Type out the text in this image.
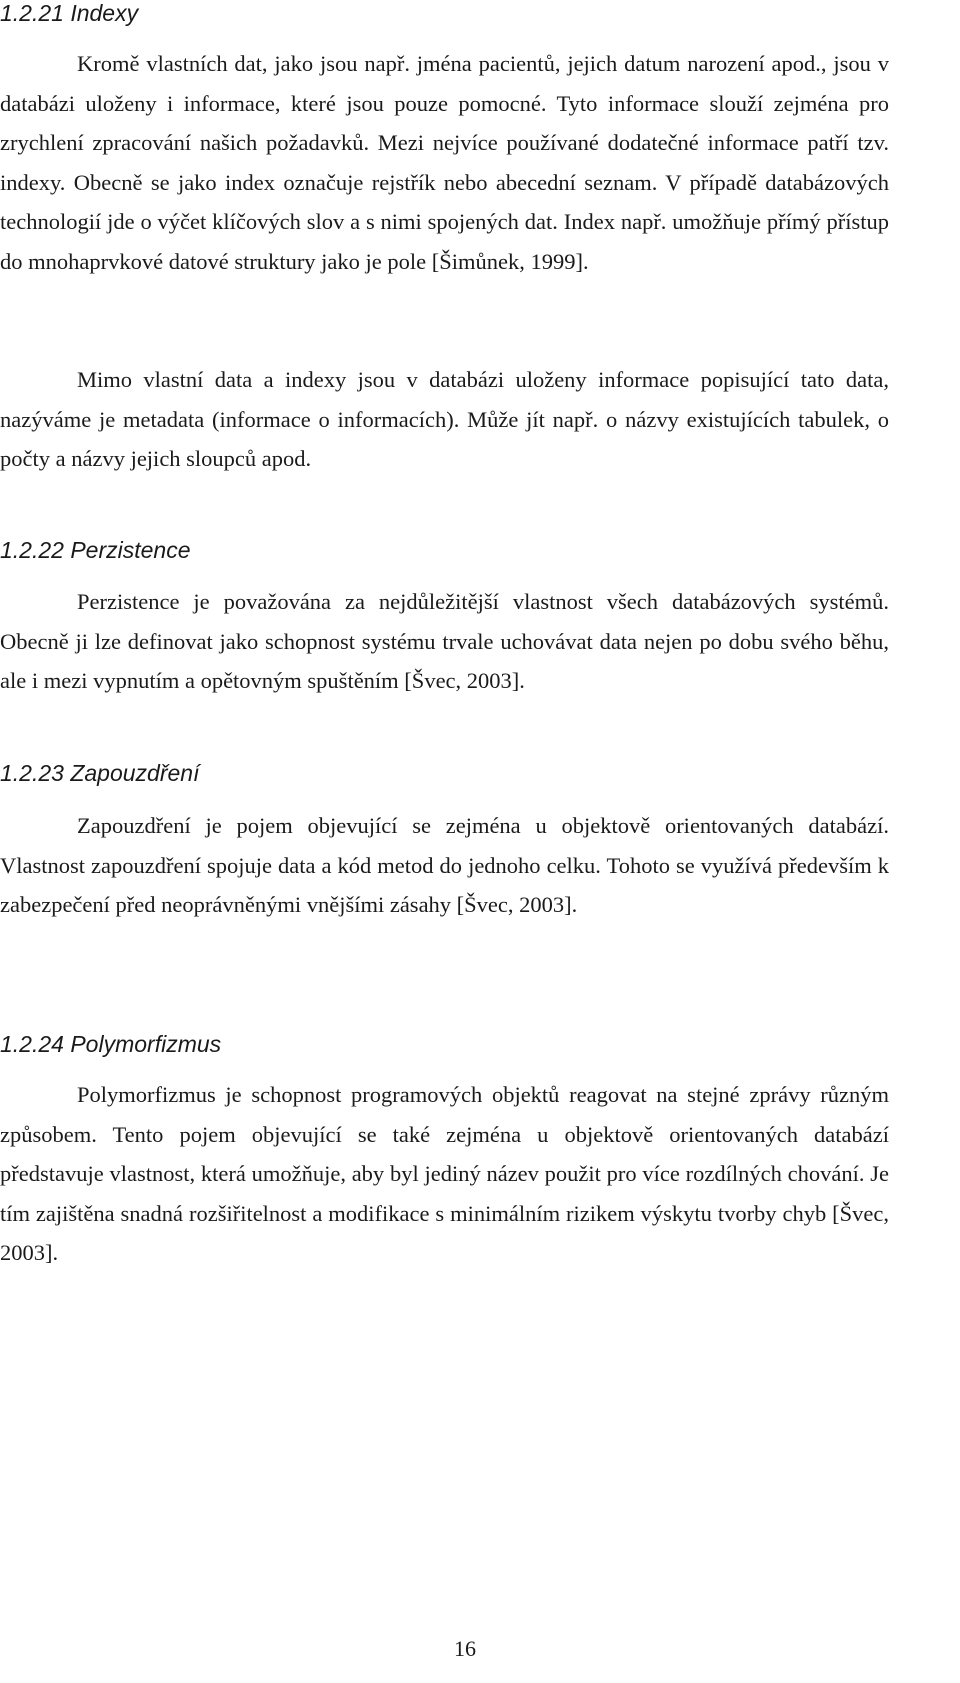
1.2.21 Indexy

Kromě vlastních dat, jako jsou např. jména pacientů, jejich datum narození apod., jsou v databázi uloženy i informace, které jsou pouze pomocné. Tyto informace slouží zejména pro zrychlení zpracování našich požadavků. Mezi nejvíce používané dodatečné informace patří tzv. indexy. Obecně se jako index označuje rejstřík nebo abecední seznam. V případě databázových technologií jde o výčet klíčových slov a s nimi spojených dat. Index např. umožňuje přímý přístup do mnohaprvkové datové struktury jako je pole [Šimůnek, 1999].

Mimo vlastní data a indexy jsou v databázi uloženy informace popisující tato data, nazýváme je metadata (informace o informacích). Může jít např. o názvy existujících tabulek, o počty a názvy jejich sloupců apod.

1.2.22 Perzistence

Perzistence je považována za nejdůležitější vlastnost všech databázových systémů. Obecně ji lze definovat jako schopnost systému trvale uchovávat data nejen po dobu svého běhu, ale i mezi vypnutím a opětovným spuštěním [Švec, 2003].

1.2.23 Zapouzdření

Zapouzdření je pojem objevující se zejména u objektově orientovaných databází. Vlastnost zapouzdření spojuje data a kód metod do jednoho celku. Tohoto se využívá především k zabezpečení před neoprávněnými vnějšími zásahy [Švec, 2003].

1.2.24 Polymorfizmus

Polymorfizmus je schopnost programových objektů reagovat na stejné zprávy různým způsobem. Tento pojem objevující se také zejména u objektově orientovaných databází představuje vlastnost, která umožňuje, aby byl jediný název použit pro více rozdílných chování. Je tím zajištěna snadná rozšiřitelnost a modifikace s minimálním rizikem výskytu tvorby chyb [Švec, 2003].

16
